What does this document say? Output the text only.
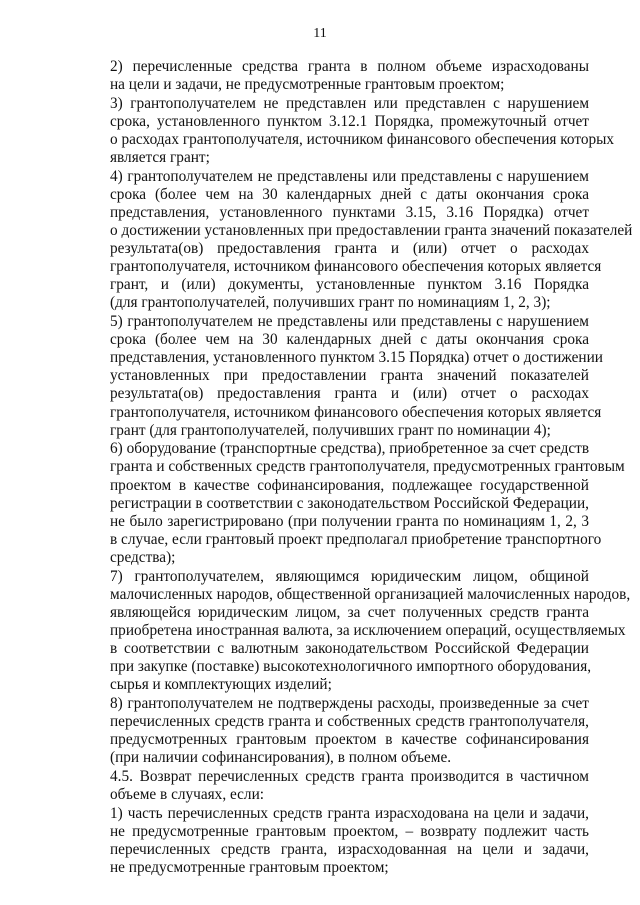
11

2) перечисленные средства гранта в полном объеме израсходованы
на цели и задачи, не предусмотренные грантовым проектом;

3) грантополучателем не представлен или представлен с нарушением
срока, установленного пунктом 3.12.1 Порядка, промежуточный отчет
о расходах грантополучателя, источником финансового обеспечения которых
является грант;

4) грантополучателем не представлены или представлены с нарушением
срока (более чем на 30 календарных дней с даты окончания срока
представления, установленного пунктами 3.15, 3.16 Порядка) отчет
о достижении установленных при предоставлении гранта значений показателей
результата(ов) предоставления гранта и (или) отчет о расходах
грантополучателя, источником финансового обеспечения которых является
грант, и (или) документы, установленные пунктом 3.16 Порядка
(для грантополучателей, получивших грант по номинациям 1, 2, 3);

5) грантополучателем не представлены или представлены с нарушением
срока (более чем на 30 календарных дней с даты окончания срока
представления, установленного пунктом 3.15 Порядка) отчет о достижении
установленных при предоставлении гранта значений показателей
результата(ов) предоставления гранта и (или) отчет о расходах
грантополучателя, источником финансового обеспечения которых является
грант (для грантополучателей, получивших грант по номинации 4);

6) оборудование (транспортные средства), приобретенное за счет средств
гранта и собственных средств грантополучателя, предусмотренных грантовым
проектом в качестве софинансирования, подлежащее государственной
регистрации в соответствии с законодательством Российской Федерации,
не было зарегистрировано (при получении гранта по номинациям 1, 2, 3
в случае, если грантовый проект предполагал приобретение транспортного
средства);

7) грантополучателем, являющимся юридическим лицом, общиной
малочисленных народов, общественной организацией малочисленных народов,
являющейся юридическим лицом, за счет полученных средств гранта
приобретена иностранная валюта, за исключением операций, осуществляемых
в соответствии с валютным законодательством Российской Федерации
при закупке (поставке) высокотехнологичного импортного оборудования,
сырья и комплектующих изделий;

8) грантополучателем не подтверждены расходы, произведенные за счет
перечисленных средств гранта и собственных средств грантополучателя,
предусмотренных грантовым проектом в качестве софинансирования
(при наличии софинансирования), в полном объеме.

4.5. Возврат перечисленных средств гранта производится в частичном
объеме в случаях, если:

1) часть перечисленных средств гранта израсходована на цели и задачи,
не предусмотренные грантовым проектом, – возврату подлежит часть
перечисленных средств гранта, израсходованная на цели и задачи,
не предусмотренные грантовым проектом;
